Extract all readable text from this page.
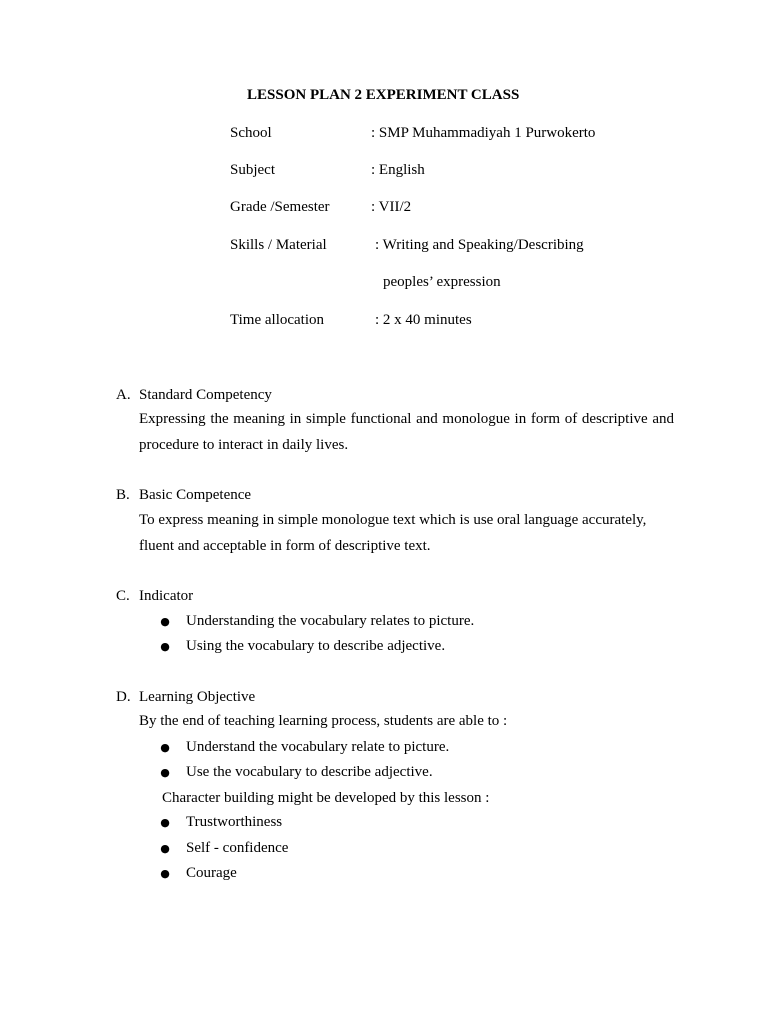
LESSON PLAN 2 EXPERIMENT CLASS
School	: SMP Muhammadiyah 1 Purwokerto
Subject	: English
Grade /Semester	: VII/2
Skills / Material	: Writing and Speaking/Describing
peoples’ expression
Time allocation	: 2 x 40 minutes
A. Standard Competency
Expressing the meaning in simple functional and monologue in form of descriptive and procedure to interact in daily lives.
B. Basic Competence
To express meaning in simple monologue text which is use oral language accurately, fluent and acceptable in form of descriptive text.
C. Indicator
● Understanding the vocabulary relates to picture.
● Using the vocabulary to describe adjective.
D. Learning Objective
By the end of teaching learning process, students are able to :
● Understand the vocabulary relate to picture.
● Use the vocabulary to describe adjective.
Character building might be developed by this lesson :
● Trustworthiness
● Self - confidence
● Courage
